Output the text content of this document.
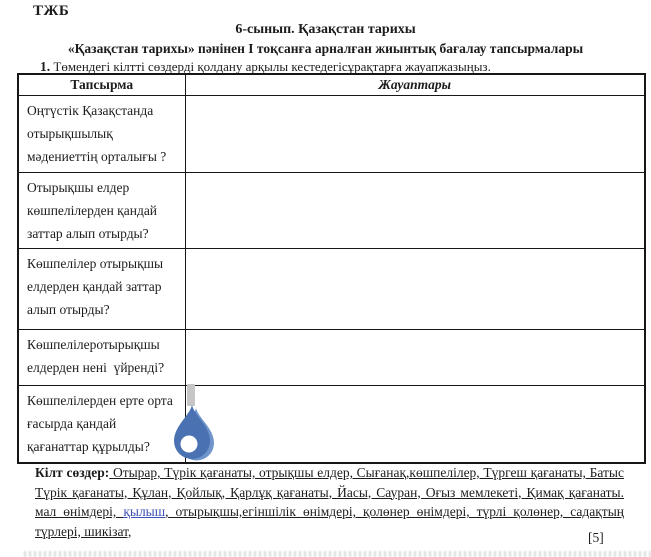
ТЖБ
6-сынып. Қазақстан тарихы
«Қазақстан тарихы» пәнінен І тоқсанға арналған жиынтық бағалау тапсырмалары
1. Төмендегі кілтті сөздерді қолдану арқылы кестедегісұрақтарға жауапжазыңыз.
Тапсырма	Жауаптары
Оңтүстік Қазақстанда отырықшылық мәдениеттің орталығы ?	
Отырықшы елдер көшпелілерден қандай заттар алып отырды?	
Көшпелілер отырықшы елдерден қандай заттар алып отырды?	
Көшпелілеротырықшы елдерден нені  үйренді?	
Көшпелілерден ерте орта ғасырда қандай қағанаттар құрылды?	
Кілт сөздер: Отырар, Түрік қағанаты, отрықшы елдер, Сығанақ,көшпелілер, Түргеш қағанаты, Батыс Түрік қағанаты, Құлан, Қойлық, Қарлұқ қағанаты, Йасы, Сауран, Оғыз мемлекеті, Қимақ қағанаты. мал өнімдері, қылыш, отырықшы,егіншілік өнімдері, қолөнер өнімдері, түрлі қолөнер, садақтың түрлері, шикізат,	[5]
